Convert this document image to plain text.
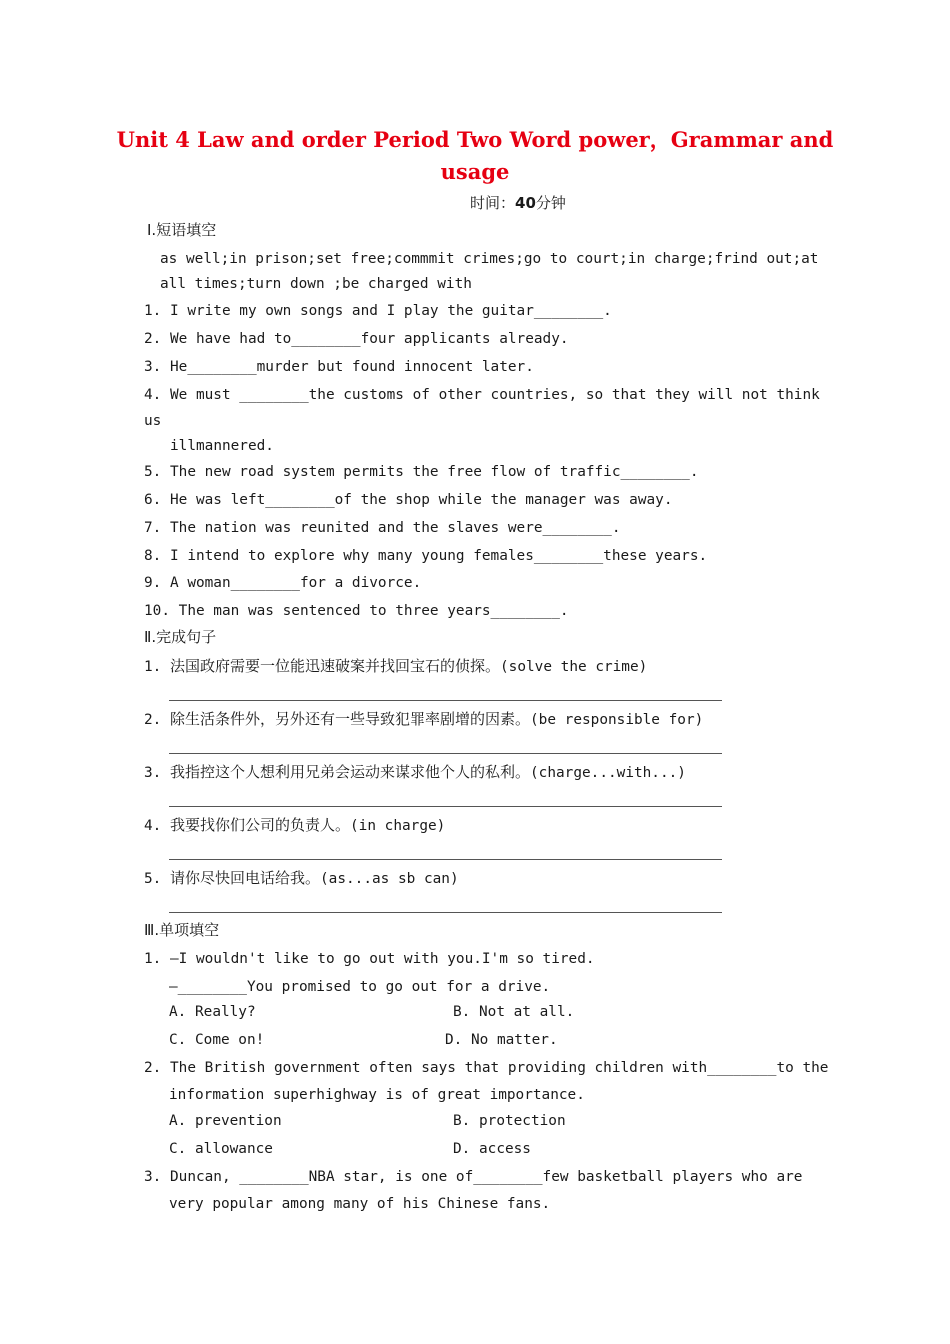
Unit 4 Law and order Period Two Word power，Grammar and
usage
时间：40分钟
Ⅰ.短语填空
as well;in prison;set free;commmit crimes;go to court;in charge;frind out;at
all times;turn down ;be charged with
1. I write my own songs and I play the guitar________.
2. We have had to________four applicants already.
3. He________murder but found innocent later.
4. We must ________the customs of other countries, so that they will not think
us
illmannered.
5. The new road system permits the free flow of traffic________.
6. He was left________of the shop while the manager was away.
7. The nation was reunited and the slaves were________.
8. I intend to explore why many young females________these years.
9. A woman________for a divorce.
10. The man was sentenced to three years________.
Ⅱ.完成句子
1. 法国政府需要一位能迅速破案并找回宝石的侦探。(solve the crime)
2. 除生活条件外，另外还有一些导致犯罪率剧增的因素。(be responsible for)
3. 我指控这个人想利用兄弟会运动来谋求他个人的私利。(charge...with...)
4. 我要找你们公司的负责人。(in charge)
5. 请你尽快回电话给我。(as...as sb can)
Ⅲ.单项填空
1. —I wouldn't like to go out with you.I'm so tired.
—________You promised to go out for a drive.
A. Really?	B. Not at all.
C. Come on!	D. No matter.
2. The British government often says that providing children with________to the
information superhighway is of great importance.
A. prevention	B. protection
C. allowance	D. access
3. Duncan, ________NBA star, is one of________few basketball players who are
very popular among many of his Chinese fans.
